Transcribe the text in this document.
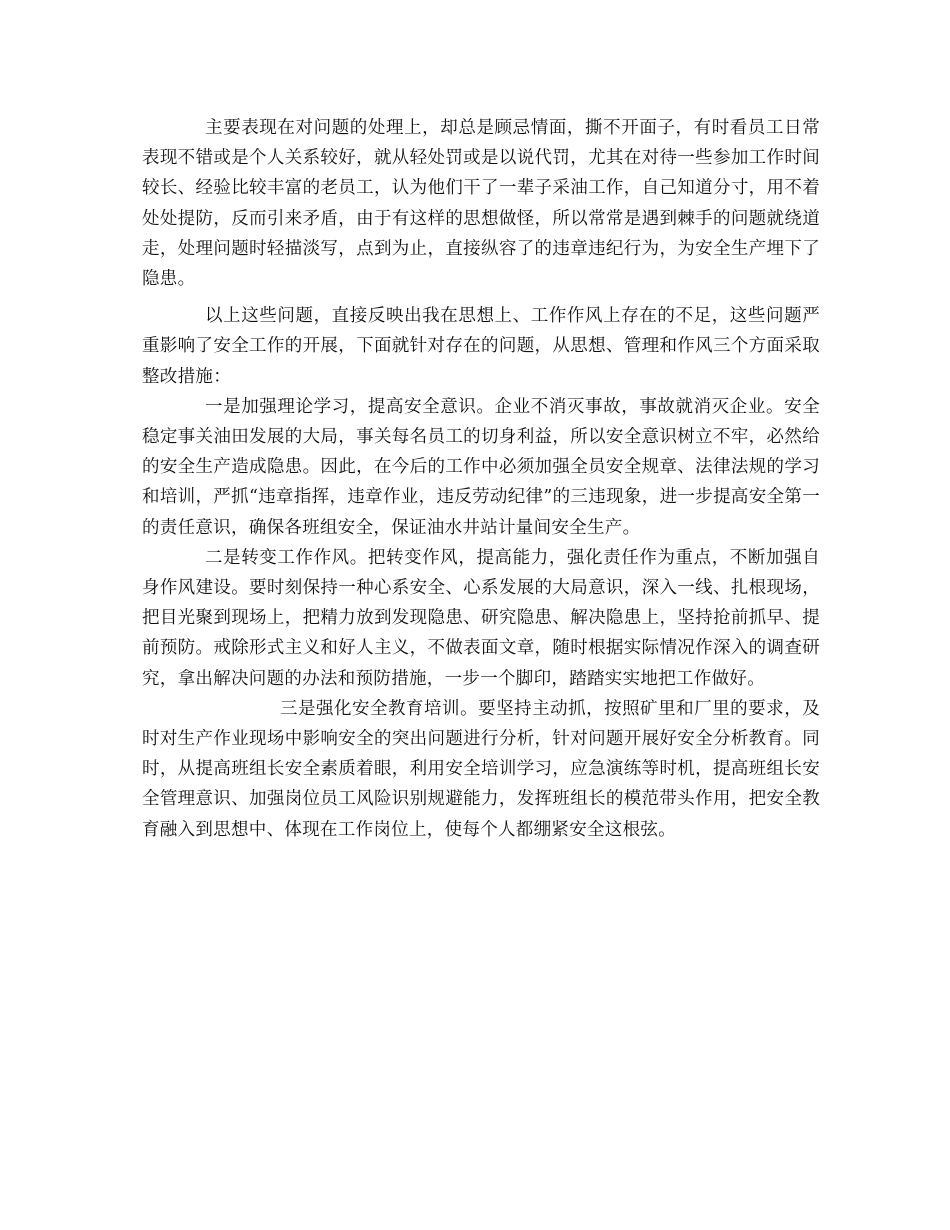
主要表现在对问题的处理上，却总是顾忌情面，撕不开面子，有时看员工日常表现不错或是个人关系较好，就从轻处罚或是以说代罚，尤其在对待一些参加工作时间较长、经验比较丰富的老员工，认为他们干了一辈子采油工作，自己知道分寸，用不着处处提防，反而引来矛盾，由于有这样的思想做怪，所以常常是遇到棘手的问题就绕道走，处理问题时轻描淡写，点到为止，直接纵容了的违章违纪行为，为安全生产埋下了隐患。

以上这些问题，直接反映出我在思想上、工作作风上存在的不足，这些问题严重影响了安全工作的开展，下面就针对存在的问题，从思想、管理和作风三个方面采取整改措施：

一是加强理论学习，提高安全意识。企业不消灭事故，事故就消灭企业。安全稳定事关油田发展的大局，事关每名员工的切身利益，所以安全意识树立不牢，必然给的安全生产造成隐患。因此，在今后的工作中必须加强全员安全规章、法律法规的学习和培训，严抓“违章指挥，违章作业，违反劳动纪律”的三违现象，进一步提高安全第一的责任意识，确保各班组安全，保证油水井站计量间安全生产。

二是转变工作作风。把转变作风，提高能力，强化责任作为重点，不断加强自身作风建设。要时刻保持一种心系安全、心系发展的大局意识，深入一线、扎根现场，把目光聚到现场上，把精力放到发现隐患、研究隐患、解决隐患上，坚持抢前抓早、提前预防。戒除形式主义和好人主义，不做表面文章，随时根据实际情况作深入的调查研究，拿出解决问题的办法和预防措施，一步一个脚印，踏踏实实地把工作做好。

三是强化安全教育培训。要坚持主动抓，按照矿里和厂里的要求，及时对生产作业现场中影响安全的突出问题进行分析，针对问题开展好安全分析教育。同时，从提高班组长安全素质着眼，利用安全培训学习，应急演练等时机，提高班组长安全管理意识、加强岗位员工风险识别规避能力，发挥班组长的模范带头作用，把安全教育融入到思想中、体现在工作岗位上，使每个人都绷紧安全这根弦。
